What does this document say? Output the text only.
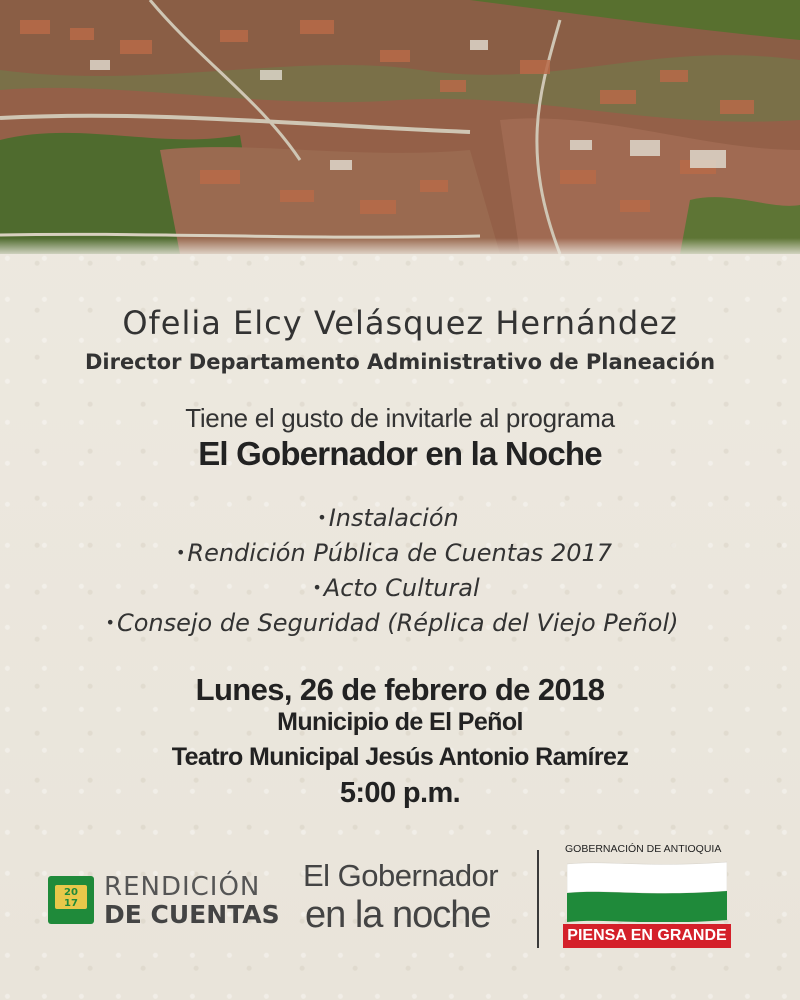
Ofelia Elcy Velásquez Hernández
Director Departamento Administrativo de Planeación
Tiene el gusto de invitarle al programa
El Gobernador en la Noche
•Instalación
•Rendición Pública de Cuentas 2017
•Acto Cultural
•Consejo de Seguridad (Réplica del Viejo Peñol)
Lunes, 26 de febrero de 2018
Municipio de El Peñol
Teatro Municipal Jesús Antonio Ramírez
5:00 p.m.
20
17
RENDICIÓN
DE CUENTAS
El Gobernador
en la noche
GOBERNACIÓN DE ANTIOQUIA
PIENSA EN GRANDE
